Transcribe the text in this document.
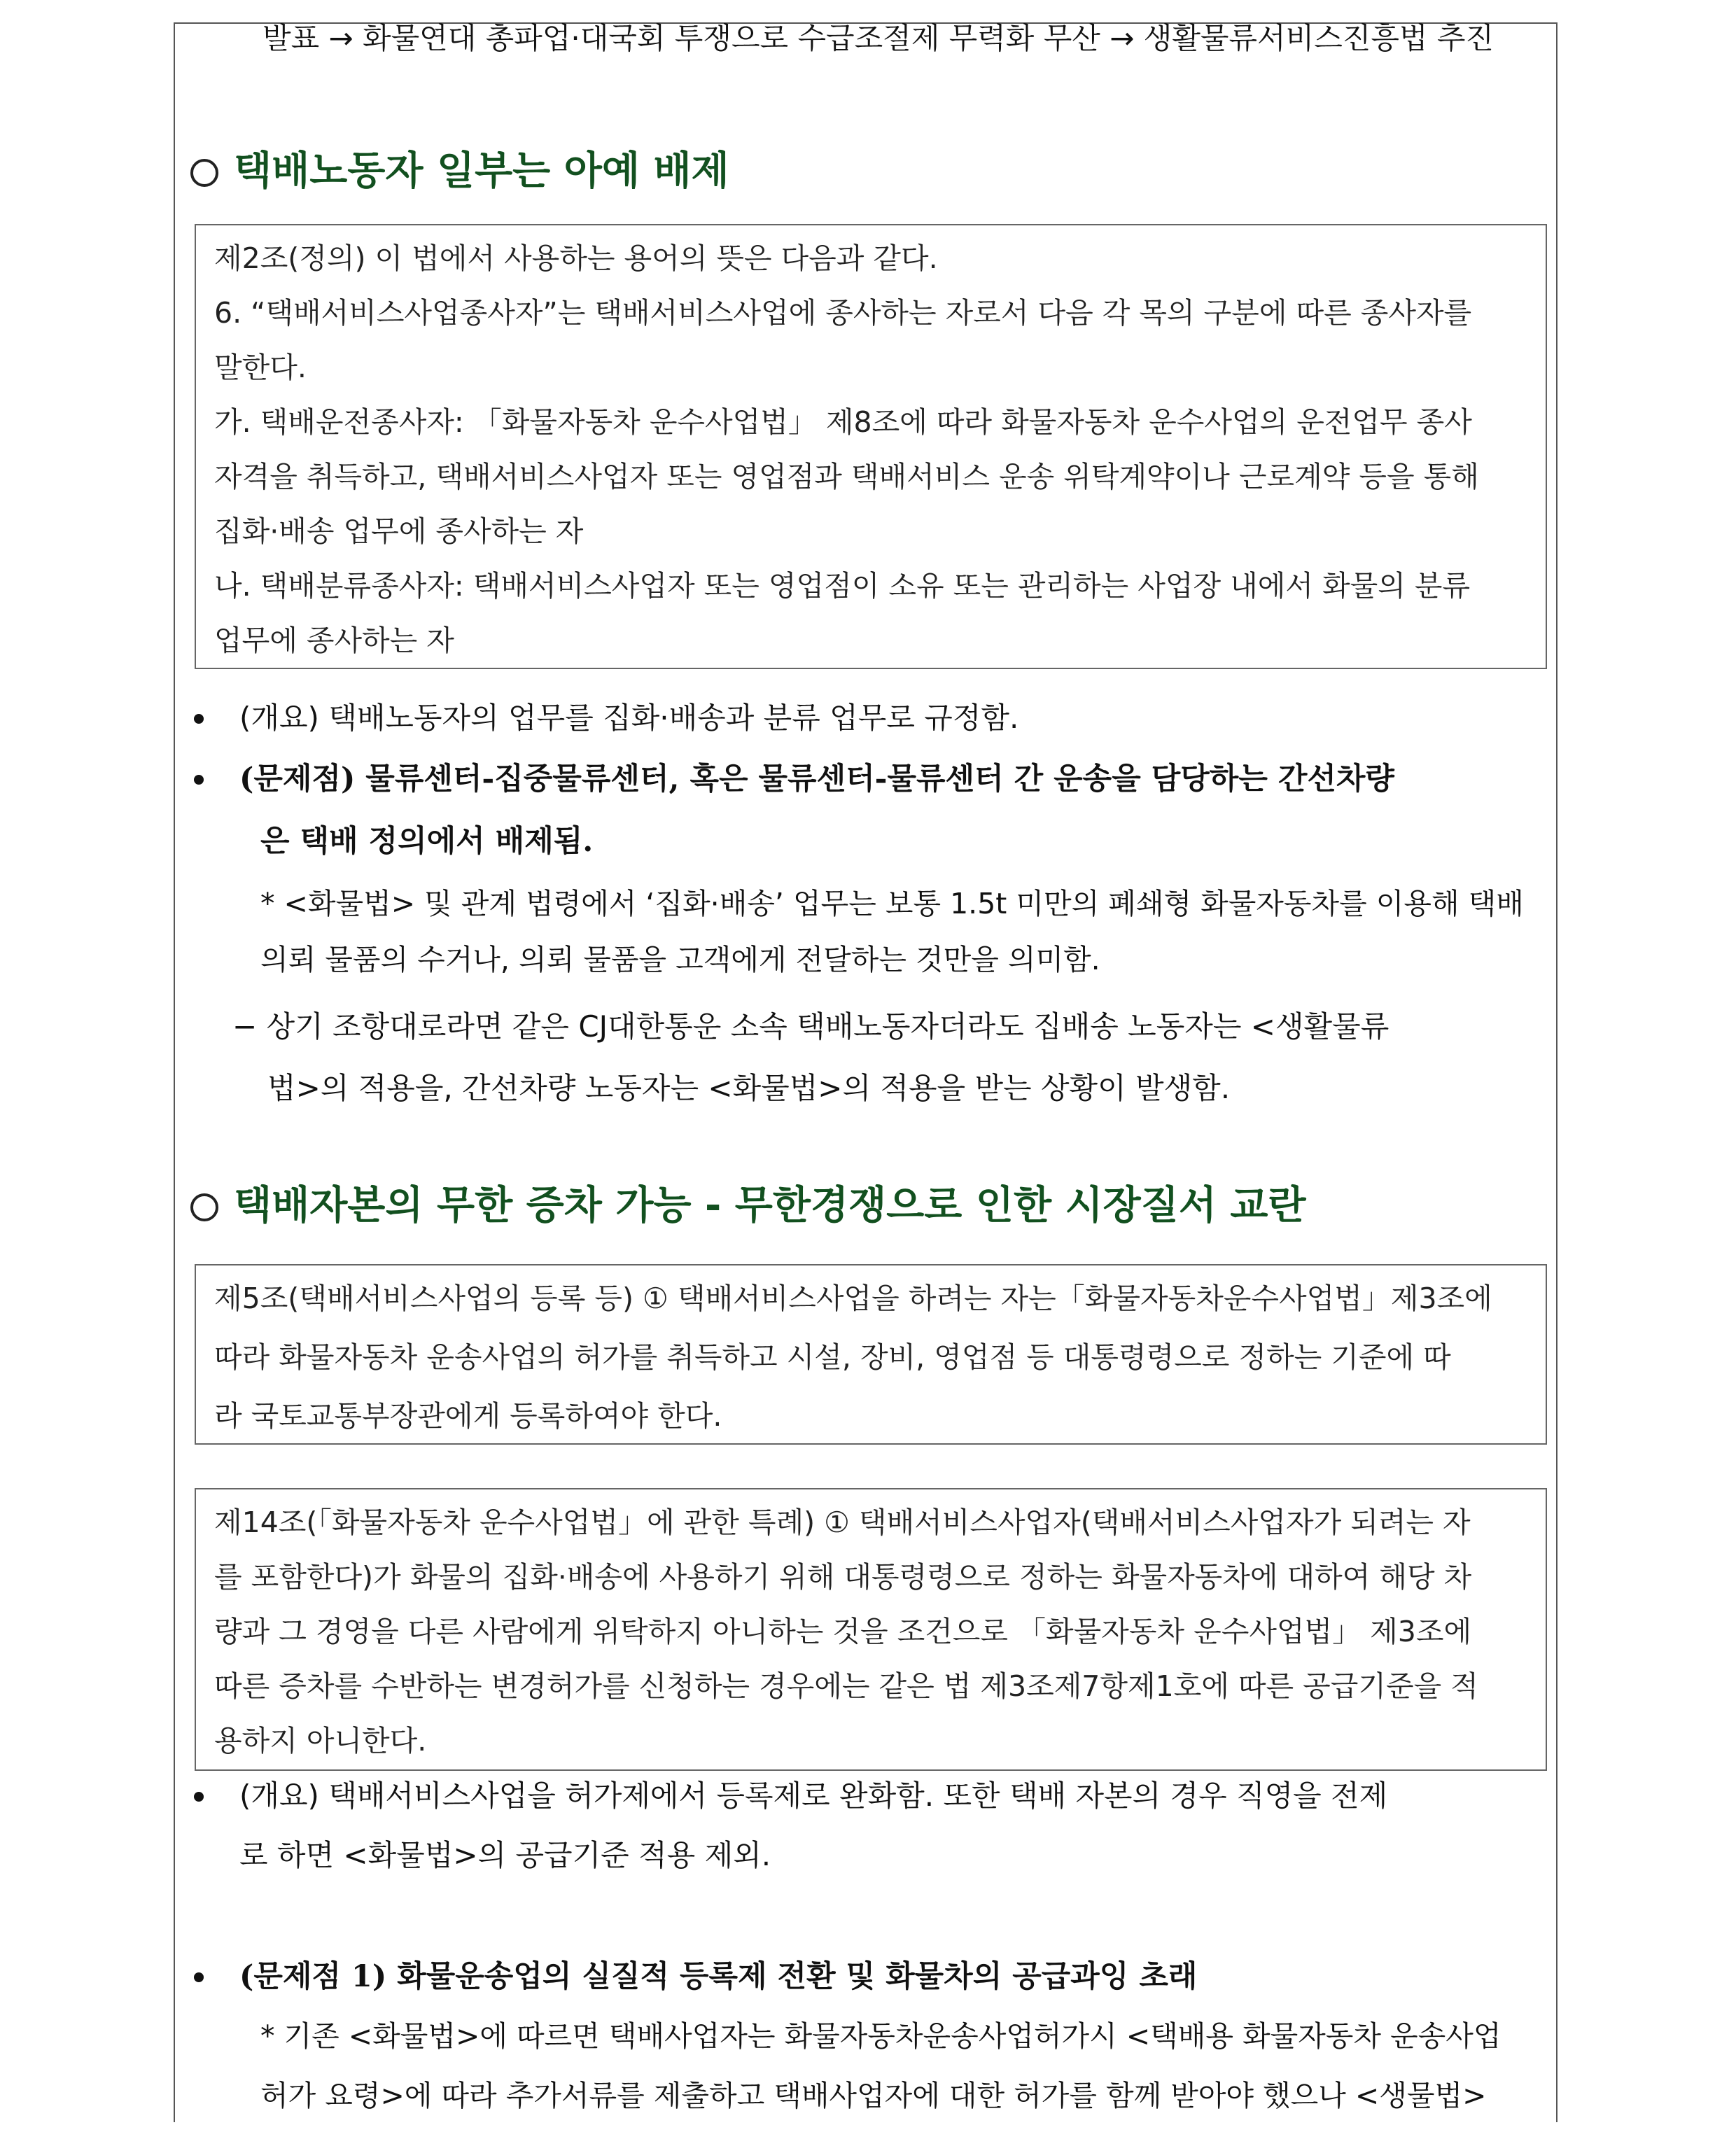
발표 → 화물연대 총파업·대국회 투쟁으로 수급조절제 무력화 무산 → 생활물류서비스진흥법 추진
택배노동자 일부는 아예 배제
제2조(정의) 이 법에서 사용하는 용어의 뜻은 다음과 같다.
6. “택배서비스사업종사자”는 택배서비스사업에 종사하는 자로서 다음 각 목의 구분에 따른 종사자를
말한다.
가. 택배운전종사자: 「화물자동차 운수사업법」 제8조에 따라 화물자동차 운수사업의 운전업무 종사
자격을 취득하고, 택배서비스사업자 또는 영업점과 택배서비스 운송 위탁계약이나 근로계약 등을 통해
집화·배송 업무에 종사하는 자
나. 택배분류종사자: 택배서비스사업자 또는 영업점이 소유 또는 관리하는 사업장 내에서 화물의 분류
업무에 종사하는 자
(개요) 택배노동자의 업무를 집화·배송과 분류 업무로 규정함.
(문제점) 물류센터-집중물류센터, 혹은 물류센터-물류센터 간 운송을 담당하는 간선차량
은 택배 정의에서 배제됨.
* <화물법> 및 관계 법령에서 ‘집화·배송’ 업무는 보통 1.5t 미만의 폐쇄형 화물자동차를 이용해 택배
의뢰 물품의 수거나, 의뢰 물품을 고객에게 전달하는 것만을 의미함.
− 상기 조항대로라면 같은 CJ대한통운 소속 택배노동자더라도 집배송 노동자는 <생활물류
법>의 적용을, 간선차량 노동자는 <화물법>의 적용을 받는 상황이 발생함.
택배자본의 무한 증차 가능 - 무한경쟁으로 인한 시장질서 교란
제5조(택배서비스사업의 등록 등) ① 택배서비스사업을 하려는 자는「화물자동차운수사업법」제3조에
따라 화물자동차 운송사업의 허가를 취득하고 시설, 장비, 영업점 등 대통령령으로 정하는 기준에 따
라 국토교통부장관에게 등록하여야 한다.
제14조(「화물자동차 운수사업법」에 관한 특례) ① 택배서비스사업자(택배서비스사업자가 되려는 자
를 포함한다)가 화물의 집화·배송에 사용하기 위해 대통령령으로 정하는 화물자동차에 대하여 해당 차
량과 그 경영을 다른 사람에게 위탁하지 아니하는 것을 조건으로 「화물자동차 운수사업법」 제3조에
따른 증차를 수반하는 변경허가를 신청하는 경우에는 같은 법 제3조제7항제1호에 따른 공급기준을 적
용하지 아니한다.
(개요) 택배서비스사업을 허가제에서 등록제로 완화함. 또한 택배 자본의 경우 직영을 전제
로 하면 <화물법>의 공급기준 적용 제외.
(문제점 1) 화물운송업의 실질적 등록제 전환 및 화물차의 공급과잉 초래
* 기존 <화물법>에 따르면 택배사업자는 화물자동차운송사업허가시 <택배용 화물자동차 운송사업
허가 요령>에 따라 추가서류를 제출하고 택배사업자에 대한 허가를 함께 받아야 했으나 <생물법>
